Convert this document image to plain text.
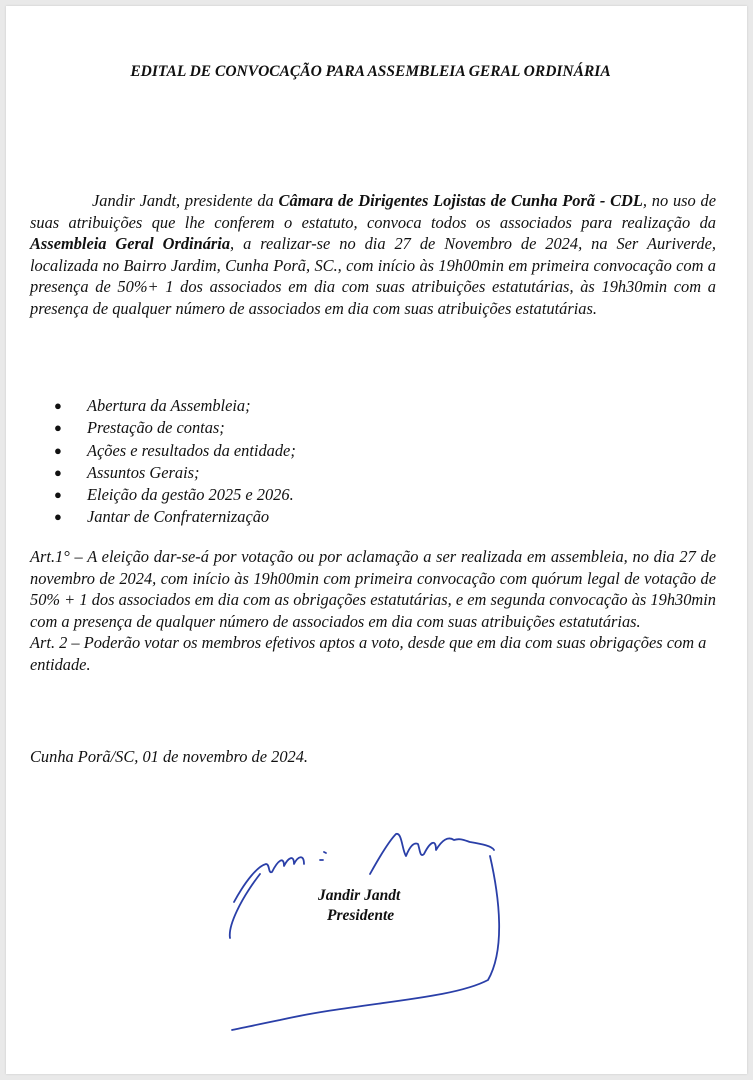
EDITAL DE CONVOCAÇÃO PARA ASSEMBLEIA GERAL ORDINÁRIA

Jandir Jandt, presidente da Câmara de Dirigentes Lojistas de Cunha Porã - CDL, no uso de suas atribuições que lhe conferem o estatuto, convoca todos os associados para realização da Assembleia Geral Ordinária, a realizar-se no dia 27 de Novembro de 2024, na Ser Auriverde, localizada no Bairro Jardim, Cunha Porã, SC., com início às 19h00min em primeira convocação com a presença de 50%+ 1 dos associados em dia com suas atribuições estatutárias, às 19h30min com a presença de qualquer número de associados em dia com suas atribuições estatutárias.

● Abertura da Assembleia;
● Prestação de contas;
● Ações e resultados da entidade;
● Assuntos Gerais;
● Eleição da gestão 2025 e 2026.
● Jantar de Confraternização

Art.1° – A eleição dar-se-á por votação ou por aclamação a ser realizada em assembleia, no dia 27 de novembro de 2024, com início às 19h00min com primeira convocação com quórum legal de votação de 50% + 1 dos associados em dia com as obrigações estatutárias, e em segunda convocação às 19h30min com a presença de qualquer número de associados em dia com suas atribuições estatutárias.

Art. 2 – Poderão votar os membros efetivos aptos a voto, desde que em dia com suas obrigações com a entidade.

Cunha Porã/SC, 01 de novembro de 2024.

Jandir Jandt
Presidente
